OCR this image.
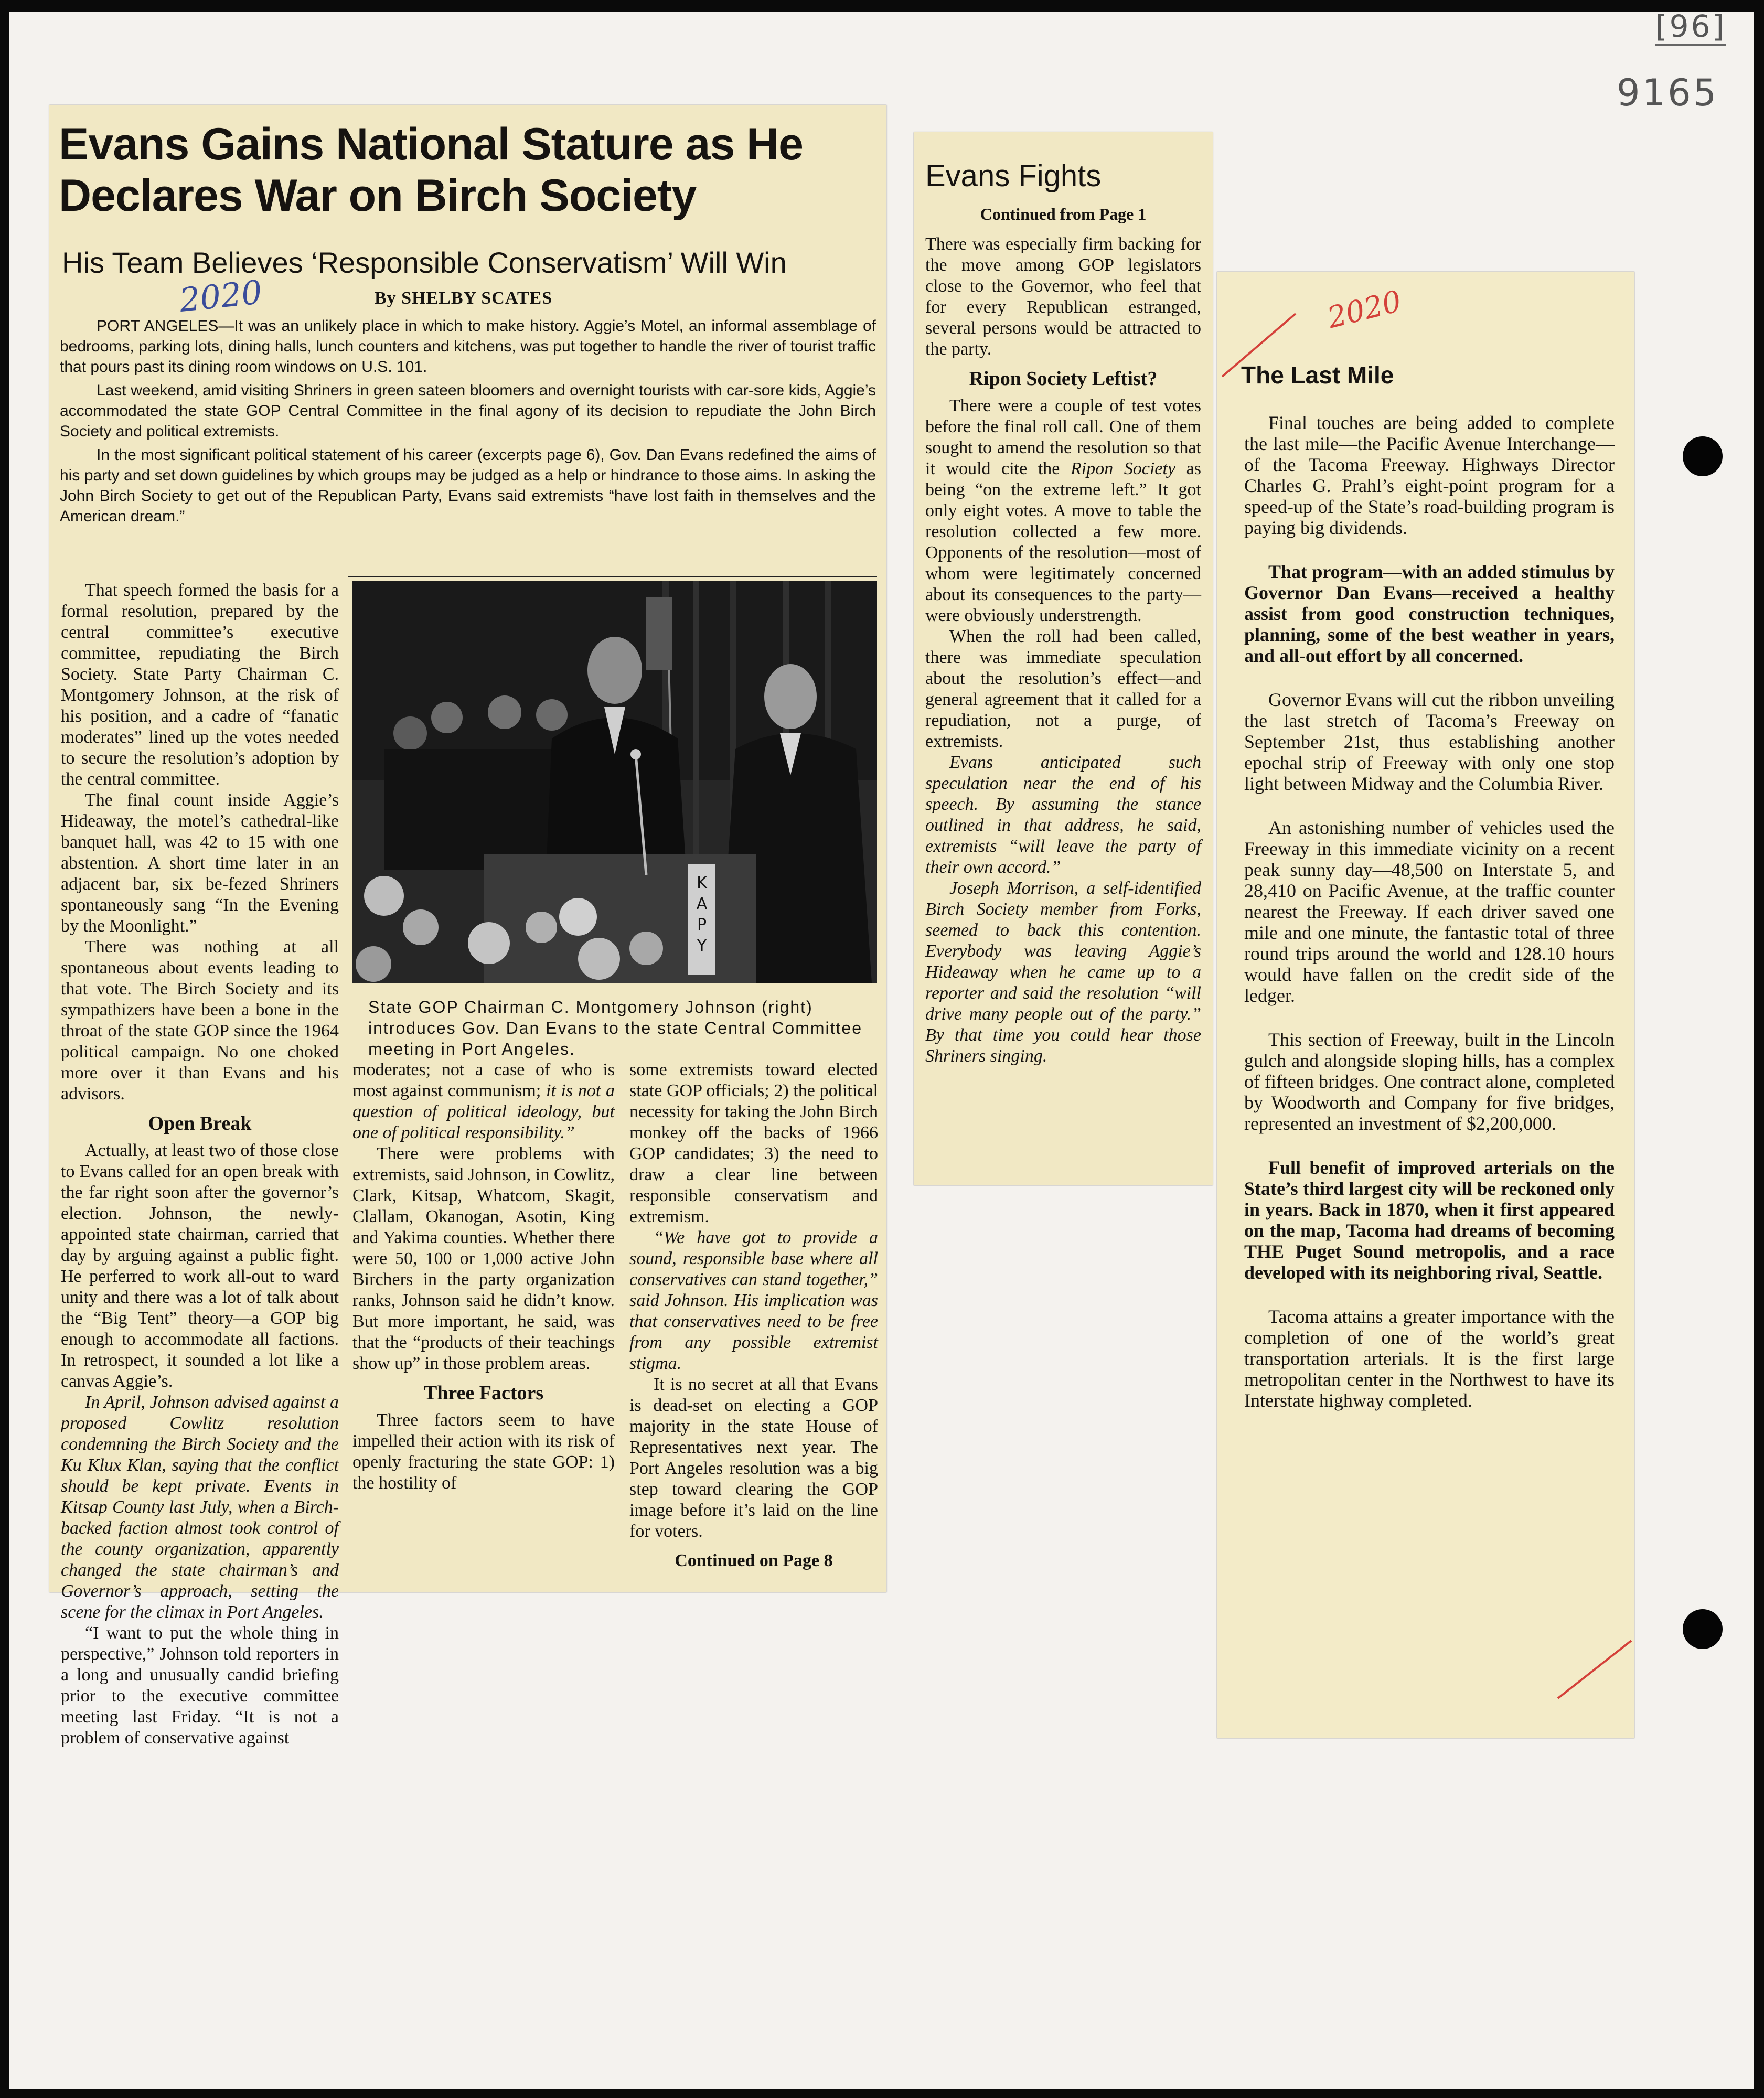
[96]
9165
Evans Gains National Stature as He Declares War on Birch Society
His Team Believes ‘Responsible Conservatism’ Will Win
2020	By SHELBY SCATES

PORT ANGELES—It was an unlikely place in which to make history. Aggie’s Motel, an informal assemblage of bedrooms, parking lots, dining halls, lunch counters and kitchens, was put together to handle the river of tourist traffic that pours past its dining room windows on U.S. 101.

Last weekend, amid visiting Shriners in green sateen bloomers and overnight tourists with car-sore kids, Aggie’s accommodated the state GOP Central Committee in the final agony of its decision to repudiate the John Birch Society and political extremists.

In the most significant political statement of his career (excerpts page 6), Gov. Dan Evans redefined the aims of his party and set down guidelines by which groups may be judged as a help or hindrance to those aims. In asking the John Birch Society to get out of the Republican Party, Evans said extremists “have lost faith in themselves and the American dream.”

That speech formed the basis for a formal resolution, prepared by the central committee’s executive committee, repudiating the Birch Society. State Party Chairman C. Montgomery Johnson, at the risk of his position, and a cadre of “fanatic moderates” lined up the votes needed to secure the resolution’s adoption by the central committee.

The final count inside Aggie’s Hideaway, the motel’s cathedral-like banquet hall, was 42 to 15 with one abstention. A short time later in an adjacent bar, six be-fezed Shriners spontaneously sang “In the Evening by the Moonlight.”

There was nothing at all spontaneous about events leading to that vote. The Birch Society and its sympathizers have been a bone in the throat of the state GOP since the 1964 political campaign. No one choked more over it than Evans and his advisors.

Open Break

Actually, at least two of those close to Evans called for an open break with the far right soon after the governor’s election. Johnson, the newly-appointed state chairman, carried that day by arguing against a public fight. He perferred to work all-out to ward unity and there was a lot of talk about the “Big Tent” theory—a GOP big enough to accommodate all factions. In retrospect, it sounded a lot like a canvas Aggie’s.

In April, Johnson advised against a proposed Cowlitz resolution condemning the Birch Society and the Ku Klux Klan, saying that the conflict should be kept private. Events in Kitsap County last July, when a Birch-backed faction almost took control of the county organization, apparently changed the state chairman’s and Governor’s approach, setting the scene for the climax in Port Angeles.

“I want to put the whole thing in perspective,” Johnson told reporters in a long and unusually candid briefing prior to the executive committee meeting last Friday. “It is not a problem of conservative against

K
A
P
Y
State GOP Chairman C. Montgomery Johnson (right) introduces Gov. Dan Evans to the state Central Committee meeting in Port Angeles.

moderates; not a case of who is most against communism; it is not a question of political ideology, but one of political responsibility.”

There were problems with extremists, said Johnson, in Cowlitz, Clark, Kitsap, Whatcom, Skagit, Clallam, Okanogan, Asotin, King and Yakima counties. Whether there were 50, 100 or 1,000 active John Birchers in the party organization ranks, Johnson said he didn’t know. But more important, he said, was that the “products of their teachings show up” in those problem areas.

Three Factors

Three factors seem to have impelled their action with its risk of openly fracturing the state GOP: 1) the hostility of

some extremists toward elected state GOP officials; 2) the political necessity for taking the John Birch monkey off the backs of 1966 GOP candidates; 3) the need to draw a clear line between responsible conservatism and extremism.

“We have got to provide a sound, responsible base where all conservatives can stand together,” said Johnson. His implication was that conservatives need to be free from any possible extremist stigma.

It is no secret at all that Evans is dead-set on electing a GOP majority in the state House of Representatives next year. The Port Angeles resolution was a big step toward clearing the GOP image before it’s laid on the line for voters.

Continued on Page 8
Evans Fights
Continued from Page 1

There was especially firm backing for the move among GOP legislators close to the Governor, who feel that for every Republican estranged, several persons would be attracted to the party.

Ripon Society Leftist?

There were a couple of test votes before the final roll call. One of them sought to amend the resolution so that it would cite the Ripon Society as being “on the extreme left.” It got only eight votes. A move to table the resolution collected a few more. Opponents of the resolution—most of whom were legitimately concerned about its consequences to the party—were obviously understrength.

When the roll had been called, there was immediate speculation about the resolution’s effect—and general agreement that it called for a repudiation, not a purge, of extremists.

Evans anticipated such speculation near the end of his speech. By assuming the stance outlined in that address, he said, extremists “will leave the party of their own accord.”

Joseph Morrison, a self-identified Birch Society member from Forks, seemed to back this contention. Everybody was leaving Aggie’s Hideaway when he came up to a reporter and said the resolution “will drive many people out of the party.” By that time you could hear those Shriners singing.

2020
The Last Mile

Final touches are being added to complete the last mile—the Pacific Avenue Interchange—of the Tacoma Freeway. Highways Director Charles G. Prahl’s eight-point program for a speed-up of the State’s road-building program is paying big dividends.

That program—with an added stimulus by Governor Dan Evans—received a healthy assist from good construction techniques, planning, some of the best weather in years, and all-out effort by all concerned.

Governor Evans will cut the ribbon unveiling the last stretch of Tacoma’s Freeway on September 21st, thus establishing another epochal strip of Freeway with only one stop light between Midway and the Columbia River.

An astonishing number of vehicles used the Freeway in this immediate vicinity on a recent peak sunny day—48,500 on Interstate 5, and 28,410 on Pacific Avenue, at the traffic counter nearest the Freeway. If each driver saved one mile and one minute, the fantastic total of three round trips around the world and 128.10 hours would have fallen on the credit side of the ledger.

This section of Freeway, built in the Lincoln gulch and alongside sloping hills, has a complex of fifteen bridges. One contract alone, completed by Woodworth and Company for five bridges, represented an investment of $2,200,000.

Full benefit of improved arterials on the State’s third largest city will be reckoned only in years. Back in 1870, when it first appeared on the map, Tacoma had dreams of becoming THE Puget Sound metropolis, and a race developed with its neighboring rival, Seattle.

Tacoma attains a greater importance with the completion of one of the world’s great transportation arterials. It is the first large metropolitan center in the Northwest to have its Interstate highway completed.
